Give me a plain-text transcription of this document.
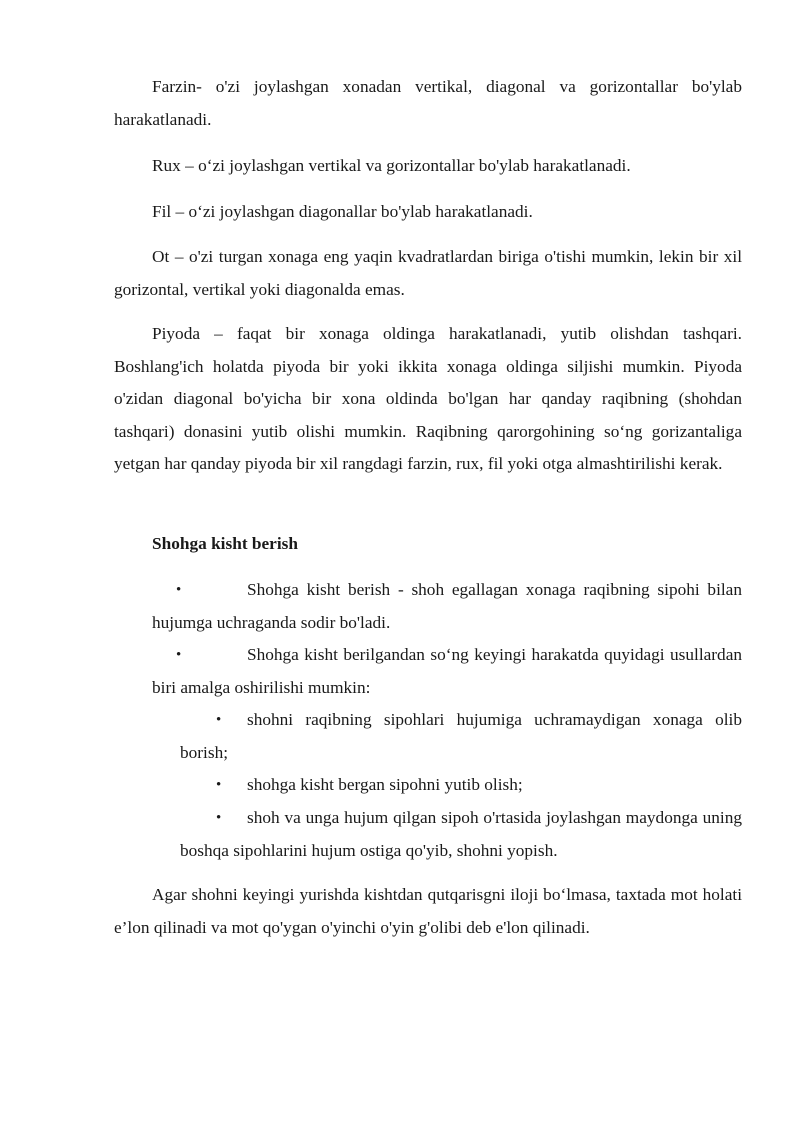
Farzin- o'zi joylashgan xonadan vertikal, diagonal va gorizontallar bo'ylab harakatlanadi.

Rux – o‘zi joylashgan vertikal va gorizontallar bo'ylab harakatlanadi.

Fil – o‘zi joylashgan diagonallar bo'ylab harakatlanadi.

Ot – o'zi turgan xonaga eng yaqin kvadratlardan biriga o'tishi mumkin, lekin bir xil gorizontal, vertikal yoki diagonalda emas.

Piyoda – faqat bir xonaga oldinga harakatlanadi, yutib olishdan tashqari. Boshlang'ich holatda piyoda bir yoki ikkita xonaga oldinga siljishi mumkin. Piyoda o'zidan diagonal bo'yicha bir xona oldinda bo'lgan har qanday raqibning (shohdan tashqari) donasini yutib olishi mumkin. Raqibning qarorgohining so‘ng gorizantaliga yetgan har qanday piyoda bir xil rangdagi farzin, rux, fil yoki otga almashtirilishi kerak.

Shohga kisht berish

•	Shohga kisht berish - shoh egallagan xonaga raqibning sipohi bilan hujumga uchraganda sodir bo'ladi.
•	Shohga kisht berilgandan so‘ng keyingi harakatda quyidagi usullardan biri amalga oshirilishi mumkin:
• shohni raqibning sipohlari hujumiga uchramaydigan xonaga olib borish;
• shohga kisht bergan sipohni yutib olish;
• shoh va unga hujum qilgan sipoh o'rtasida joylashgan maydonga uning boshqa sipohlarini hujum ostiga qo'yib, shohni yopish.

Agar shohni keyingi yurishda kishtdan qutqarisgni iloji bo‘lmasa, taxtada mot holati e’lon qilinadi va mot qo'ygan o'yinchi o'yin g'olibi deb e'lon qilinadi.
